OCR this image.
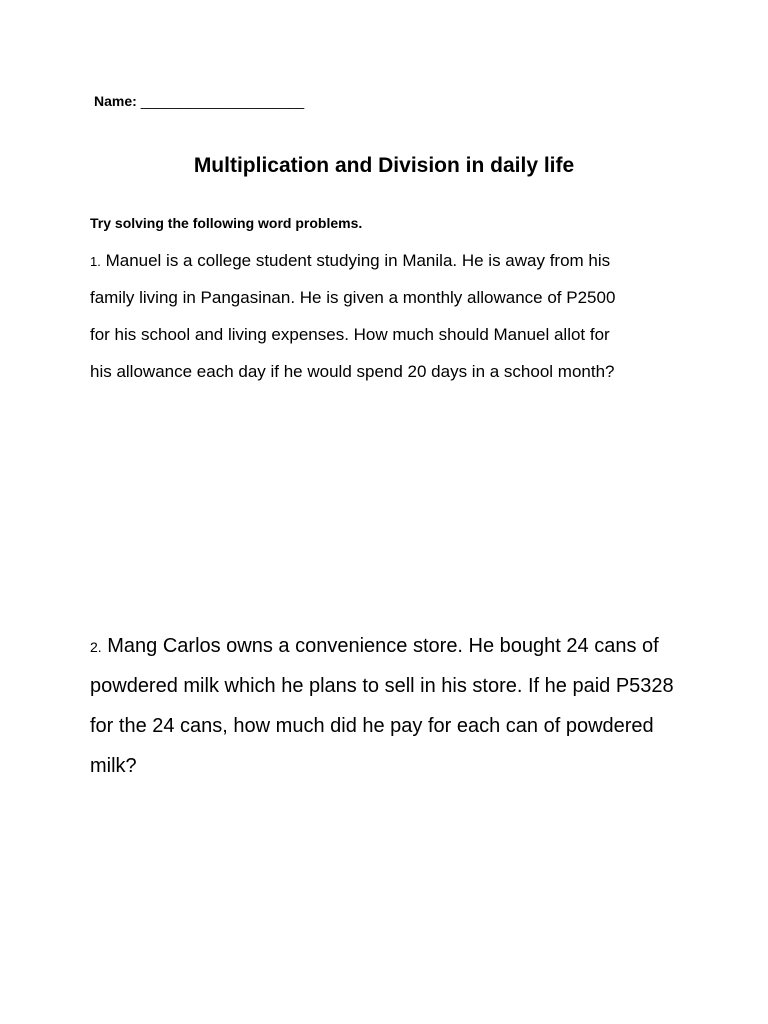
Name: _____________________
Multiplication and Division in daily life
Try solving the following word problems.
1. Manuel is a college student studying in Manila. He is away from his
family living in Pangasinan. He is given a monthly allowance of P2500
for his school and living expenses. How much should Manuel allot for
his allowance each day if he would spend 20 days in a school month?
2. Mang Carlos owns a convenience store. He bought 24 cans of
powdered milk which he plans to sell in his store. If he paid P5328
for the 24 cans, how much did he pay for each can of powdered
milk?
